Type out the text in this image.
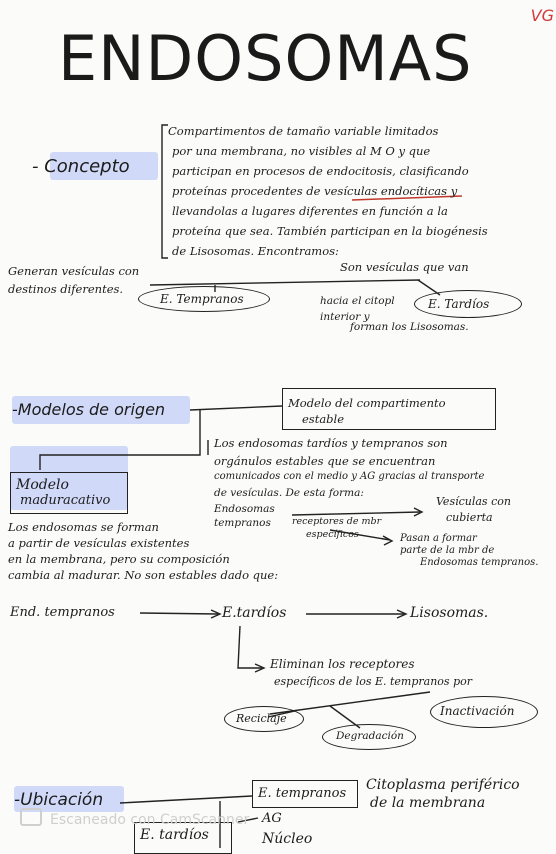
VG
ENDOSOMAS
- Concepto
Compartimentos de tamaño variable limitados
por una membrana, no visibles al M O y que
participan en procesos de endocitosis, clasificando
proteínas procedentes de vesículas endocíticas y
llevandolas a lugares diferentes en función a la
proteína que sea. También participan en la biogénesis
de Lisosomas. Encontramos:
Generan vesículas con
destinos diferentes.
E. Tempranos
Son vesículas que van
hacia el citopl
interior y
forman los Lisosomas.
E. Tardíos
-Modelos de origen	Modelo del compartimento
estable
Los endosomas tardíos y tempranos son
orgánulos estables que se encuentran
comunicados con el medio y AG gracias al transporte
de vesículas. De esta forma:
Endosomas
tempranos receptores de mbr
específicos
Vesículas con
cubierta
Pasan a formar
parte de la mbr de
Endosomas tempranos.
Modelo
maduracativo
Los endosomas se forman
a partir de vesículas existentes
en la membrana, pero su composición
cambia al madurar. No son estables dado que:
End. tempranos	E.tardíos	Lisosomas.
Eliminan los receptores
específicos de los E. tempranos por
Reciclaje
Degradación
Inactivación
-Ubicación	E. tempranos
Citoplasma periférico
de la membrana
E. tardíos
AG
Núcleo
Escaneado con CamScanner
